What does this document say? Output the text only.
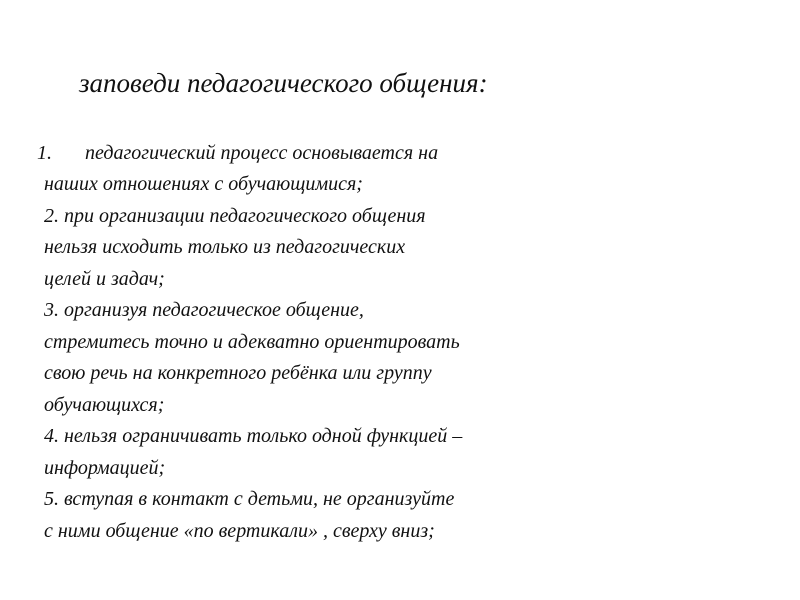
заповеди педагогического общения:
1. педагогический процесс основывается на
наших отношениях с обучающимися;
2. при организации педагогического общения
нельзя исходить только из педагогических
целей и задач;
3. организуя педагогическое общение,
стремитесь точно и адекватно ориентировать
свою речь на конкретного ребёнка или группу
обучающихся;
4. нельзя ограничивать только одной функцией –
информацией;
5. вступая в контакт с детьми, не организуйте
с ними общение «по вертикали» , сверху вниз;
